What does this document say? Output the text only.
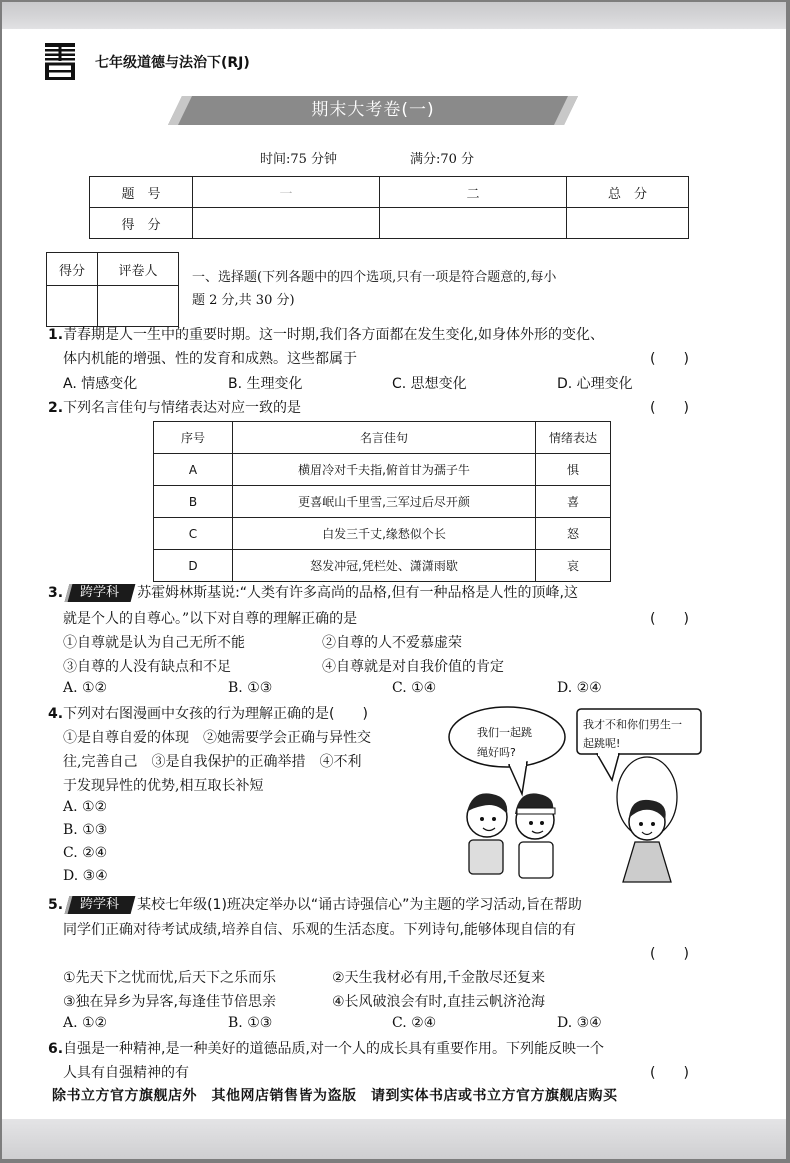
七年级道德与法治下(RJ)
期末大考卷(一)
时间:75 分钟	满分:70 分
题　号	一	二	总　分
得　分			
得分	评卷人
		一、选择题(下列各题中的四个选项,只有一项是符合题意的,每小
题 2 分,共 30 分)
1.青春期是人一生中的重要时期。这一时期,我们各方面都在发生变化,如身体外形的变化、
体内机能的增强、性的发育和成熟。这些都属于	(　　)
A. 情感变化	B. 生理变化	C. 思想变化	D. 心理变化
2.下列名言佳句与情绪表达对应一致的是	(　　)
序号	名言佳句	情绪表达
A	横眉冷对千夫指,俯首甘为孺子牛	惧
B	更喜岷山千里雪,三军过后尽开颜	喜
C	白发三千丈,缘愁似个长	怒
D	怒发冲冠,凭栏处、潇潇雨歇	哀
3. 跨学科 苏霍姆林斯基说:“人类有许多高尚的品格,但有一种品格是人性的顶峰,这
就是个人的自尊心。”以下对自尊的理解正确的是	(　　)
①自尊就是认为自己无所不能	②自尊的人不爱慕虚荣
③自尊的人没有缺点和不足	④自尊就是对自我价值的肯定
A. ①②	B. ①③	C. ①④	D. ②④
4.下列对右图漫画中女孩的行为理解正确的是(　　)
①是自尊自爱的体现　②她需要学会正确与异性交
往,完善自己　③是自我保护的正确举措　④不利
于发现异性的优势,相互取长补短
A. ①②
B. ①③
C. ②④
D. ③④
我们一起跳
绳好吗?
我才不和你们男生一
起跳呢!
5. 跨学科 某校七年级(1)班决定举办以“诵古诗强信心”为主题的学习活动,旨在帮助
同学们正确对待考试成绩,培养自信、乐观的生活态度。下列诗句,能够体现自信的有
(　　)
①先天下之忧而忧,后天下之乐而乐	②天生我材必有用,千金散尽还复来
③独在异乡为异客,每逢佳节倍思亲	④长风破浪会有时,直挂云帆济沧海
A. ①②	B. ①③	C. ②④	D. ③④
6.自强是一种精神,是一种美好的道德品质,对一个人的成长具有重要作用。下列能反映一个
人具有自强精神的有	(　　)
除书立方官方旗舰店外　其他网店销售皆为盗版　请到实体书店或书立方官方旗舰店购买
